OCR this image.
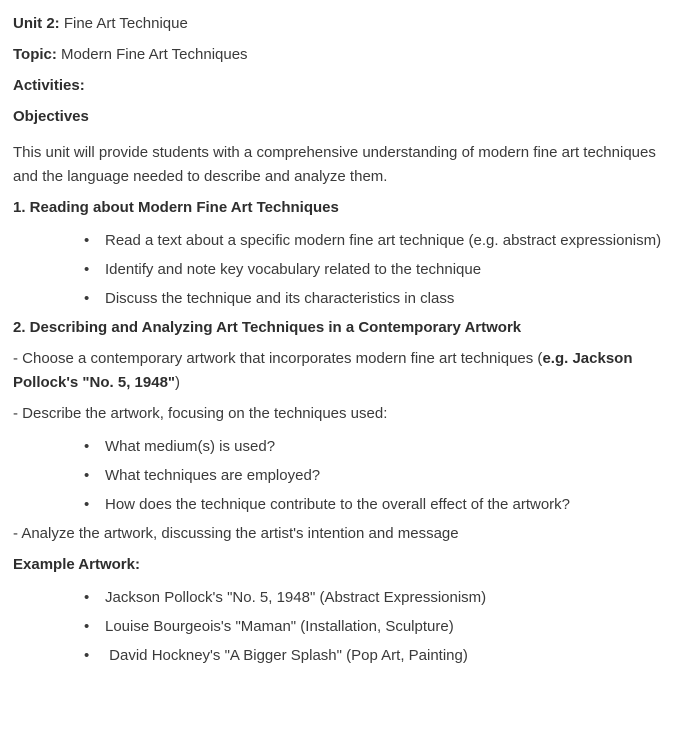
Unit 2: Fine Art Technique

Topic: Modern Fine Art Techniques

Activities:

Objectives

This unit will provide students with a comprehensive understanding of modern fine art techniques
and the language needed to describe and analyze them.

1. Reading about Modern Fine Art Techniques

• Read a text about a specific modern fine art technique (e.g. abstract expressionism)
• Identify and note key vocabulary related to the technique
• Discuss the technique and its characteristics in class

2. Describing and Analyzing Art Techniques in a Contemporary Artwork

- Choose a contemporary artwork that incorporates modern fine art techniques (e.g. Jackson
Pollock's "No. 5, 1948")

- Describe the artwork, focusing on the techniques used:

• What medium(s) is used?
• What techniques are employed?
• How does the technique contribute to the overall effect of the artwork?

- Analyze the artwork, discussing the artist's intention and message

Example Artwork:

• Jackson Pollock's "No. 5, 1948" (Abstract Expressionism)
• Louise Bourgeois's "Maman" (Installation, Sculpture)
•  David Hockney's "A Bigger Splash" (Pop Art, Painting)
